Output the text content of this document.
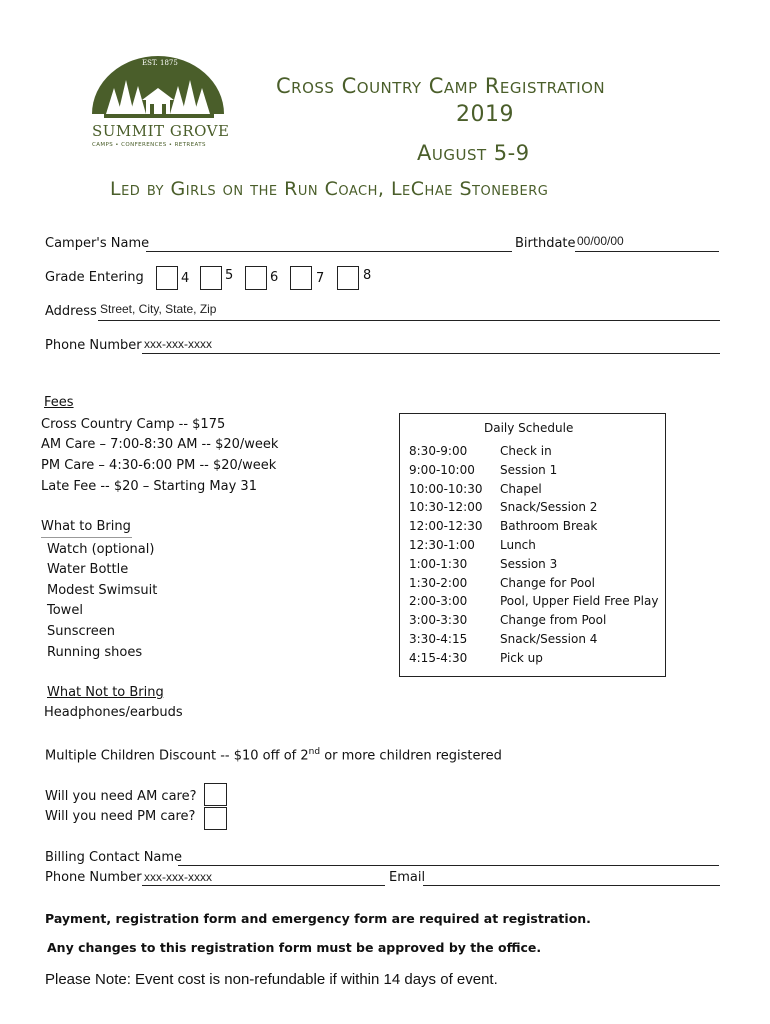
EST. 1875
SUMMIT GROVE
CAMPS • CONFERENCES • RETREATS
Cross Country Camp Registration
2019
August 5-9
Led by Girls on the Run Coach, LeChae Stoneberg
Camper's Name	Birthdate 00/00/00
Grade Entering	4	5	6	7	8
Address Street, City, State, Zip
Phone Number xxx-xxx-xxxx
Fees
Cross Country Camp -- $175
AM Care – 7:00-8:30 AM -- $20/week
PM Care – 4:30-6:00 PM -- $20/week
Late Fee -- $20 – Starting May 31
What to Bring
Watch (optional)
Water Bottle
Modest Swimsuit
Towel
Sunscreen
Running shoes
What Not to Bring
Headphones/earbuds
Daily Schedule
8:30-9:00	Check in
9:00-10:00 Session 1
10:00-10:30 Chapel
10:30-12:00 Snack/Session 2
12:00-12:30 Bathroom Break
12:30-1:00 Lunch
1:00-1:30	Session 3
1:30-2:00	Change for Pool
2:00-3:00	Pool, Upper Field Free Play
3:00-3:30	Change from Pool
3:30-4:15	Snack/Session 4
4:15-4:30	Pick up
Multiple Children Discount -- $10 off of 2nd or more children registered
Will you need AM care?
Will you need PM care?
Billing Contact Name
Phone Number xxx-xxx-xxxx	Email
Payment, registration form and emergency form are required at registration.
Any changes to this registration form must be approved by the office.
Please Note: Event cost is non-refundable if within 14 days of event.
